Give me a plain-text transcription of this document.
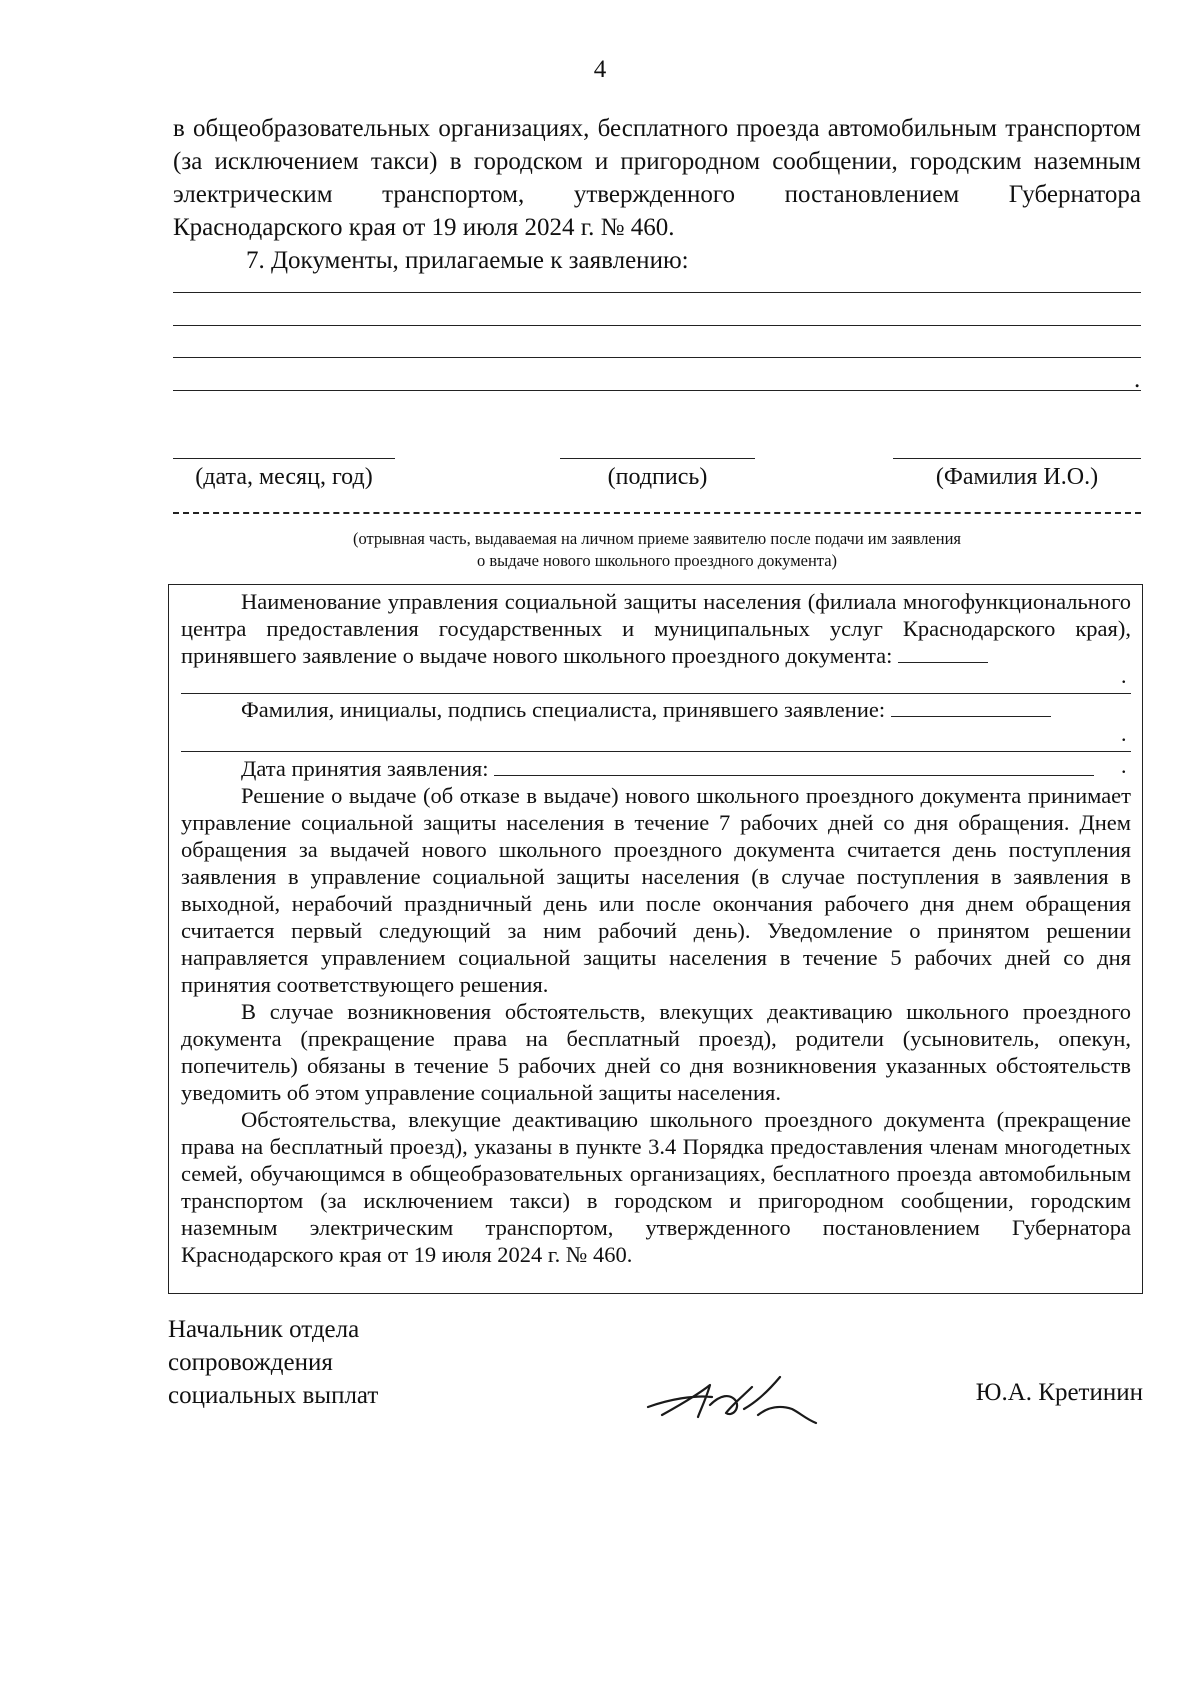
4

в общеобразовательных организациях, бесплатного проезда автомобильным транспортом (за исключением такси) в городском и пригородном сообщении, городским наземным электрическим транспортом, утвержденного постановлением Губернатора Краснодарского края от 19 июля 2024 г. № 460.

7. Документы, прилагаемые к заявлению:

.
(дата, месяц, год)	(подпись)	(Фамилия И.О.)

(отрывная часть, выдаваемая на личном приеме заявителю после подачи им заявления

о выдаче нового школьного проездного документа)

Наименование управления социальной защиты населения (филиала многофункционального центра предоставления государственных и муниципальных услуг Краснодарского края), принявшего заявление о выдаче нового школьного проездного документа:

.

Фамилия, инициалы, подпись специалиста, принявшего заявление:

.

Дата принятия заявления:	.

Решение о выдаче (об отказе в выдаче) нового школьного проездного документа принимает управление социальной защиты населения в течение 7 рабочих дней со дня обращения. Днем обращения за выдачей нового школьного проездного документа считается день поступления заявления в управление социальной защиты населения (в случае поступления в заявления в выходной, нерабочий праздничный день или после окончания рабочего дня днем обращения считается первый следующий за ним рабочий день). Уведомление о принятом решении направляется управлением социальной защиты населения в течение 5 рабочих дней со дня принятия соответствующего решения.

В случае возникновения обстоятельств, влекущих деактивацию школьного проездного документа (прекращение права на бесплатный проезд), родители (усыновитель, опекун, попечитель) обязаны в течение 5 рабочих дней со дня возникновения указанных обстоятельств уведомить об этом управление социальной защиты населения.

Обстоятельства, влекущие деактивацию школьного проездного документа (прекращение права на бесплатный проезд), указаны в пункте 3.4 Порядка предоставления членам многодетных семей, обучающимся в общеобразовательных организациях, бесплатного проезда автомобильным транспортом (за исключением такси) в городском и пригородном сообщении, городским наземным электрическим транспортом, утвержденного постановлением Губернатора Краснодарского края от 19 июля 2024 г. № 460.

Начальник отдела

сопровождения

социальных выплат	Ю.А. Кретинин
